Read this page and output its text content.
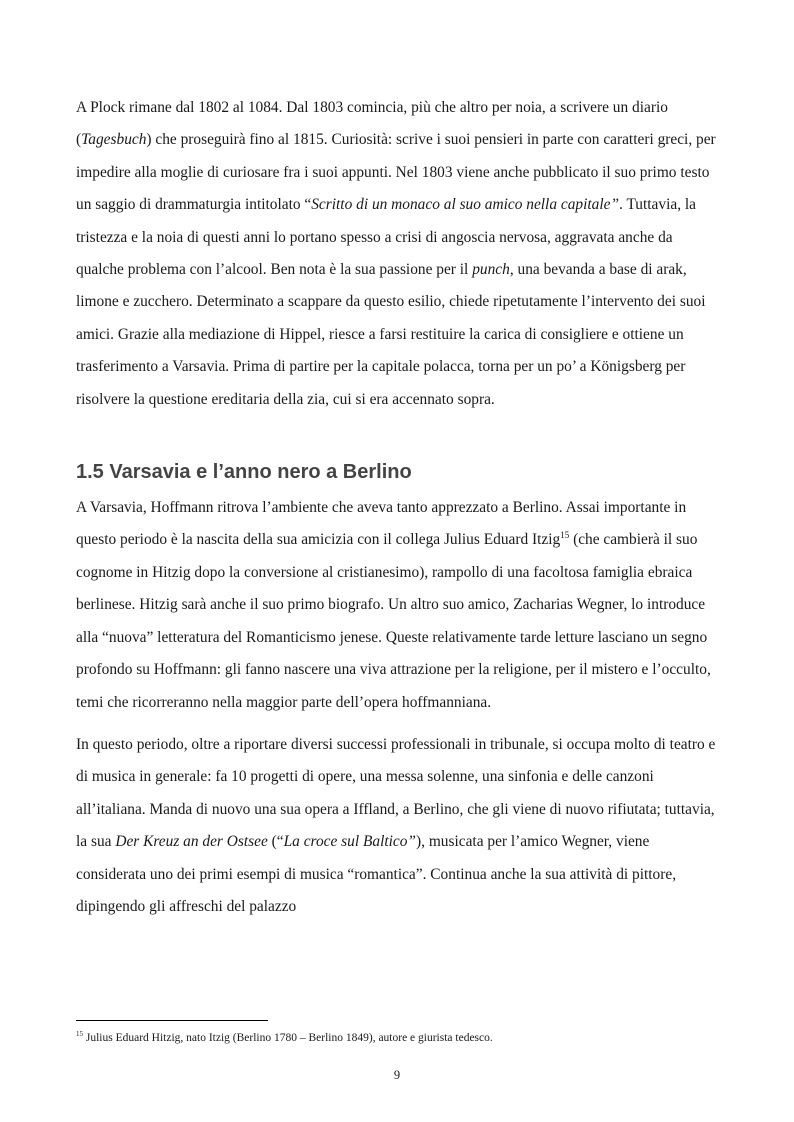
A Plock rimane dal 1802 al 1084. Dal 1803 comincia, più che altro per noia, a scrivere un diario (Tagesbuch) che proseguirà fino al 1815. Curiosità: scrive i suoi pensieri in parte con caratteri greci, per impedire alla moglie di curiosare fra i suoi appunti. Nel 1803 viene anche pubblicato il suo primo testo un saggio di drammaturgia intitolato “Scritto di un monaco al suo amico nella capitale”. Tuttavia, la tristezza e la noia di questi anni lo portano spesso a crisi di angoscia nervosa, aggravata anche da qualche problema con l’alcool. Ben nota è la sua passione per il punch, una bevanda a base di arak, limone e zucchero. Determinato a scappare da questo esilio, chiede ripetutamente l’intervento dei suoi amici. Grazie alla mediazione di Hippel, riesce a farsi restituire la carica di consigliere e ottiene un trasferimento a Varsavia. Prima di partire per la capitale polacca, torna per un po’ a Königsberg per risolvere la questione ereditaria della zia, cui si era accennato sopra.

1.5 Varsavia e l’anno nero a Berlino

A Varsavia, Hoffmann ritrova l’ambiente che aveva tanto apprezzato a Berlino. Assai importante in questo periodo è la nascita della sua amicizia con il collega Julius Eduard Itzig$^{15}$ (che cambierà il suo cognome in Hitzig dopo la conversione al cristianesimo), rampollo di una facoltosa famiglia ebraica berlinese. Hitzig sarà anche il suo primo biografo. Un altro suo amico, Zacharias Wegner, lo introduce alla “nuova” letteratura del Romanticismo jenese. Queste relativamente tarde letture lasciano un segno profondo su Hoffmann: gli fanno nascere una viva attrazione per la religione, per il mistero e l’occulto, temi che ricorreranno nella maggior parte dell’opera hoffmanniana.

In questo periodo, oltre a riportare diversi successi professionali in tribunale, si occupa molto di teatro e di musica in generale: fa 10 progetti di opere, una messa solenne, una sinfonia e delle canzoni all’italiana. Manda di nuovo una sua opera a Iffland, a Berlino, che gli viene di nuovo rifiutata; tuttavia, la sua Der Kreuz an der Ostsee (“La croce sul Baltico”), musicata per l’amico Wegner, viene considerata uno dei primi esempi di musica “romantica”. Continua anche la sua attività di pittore, dipingendo gli affreschi del palazzo

$^{15}$ Julius Eduard Hitzig, nato Itzig (Berlino 1780 – Berlino 1849), autore e giurista tedesco.
9
